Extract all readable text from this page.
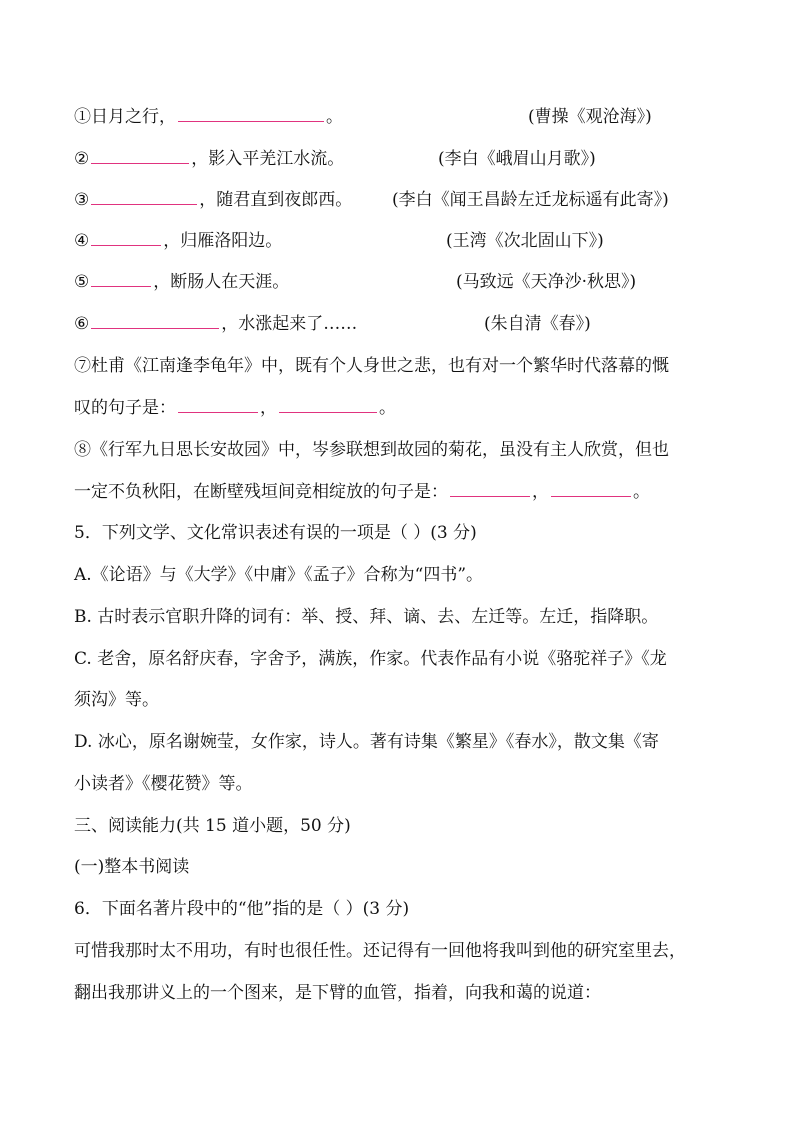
①日月之行，	。	(曹操《观沧海》)
②	，影入平羌江水流。	(李白《峨眉山月歌》)
③	，随君直到夜郎西。 (李白《闻王昌龄左迁龙标遥有此寄》)
④	，归雁洛阳边。	(王湾《次北固山下》)
⑤	，断肠人在天涯。	(马致远《天净沙·秋思》)
⑥	，水涨起来了……	(朱自清《春》)
⑦杜甫《江南逢李龟年》中，既有个人身世之悲，也有对一个繁华时代落幕的慨
叹的句子是：	，	。
⑧《行军九日思长安故园》中，岑参联想到故园的菊花，虽没有主人欣赏，但也
一定不负秋阳，在断壁残垣间竞相绽放的句子是：	，	。
5．下列文学、文化常识表述有误的一项是（ ）(3 分)
A.《论语》与《大学》《中庸》《孟子》合称为“四书”。
B. 古时表示官职升降的词有：举、授、拜、谪、去、左迁等。左迁，指降职。
C. 老舍，原名舒庆春，字舍予，满族，作家。代表作品有小说《骆驼祥子》《龙
须沟》等。
D. 冰心，原名谢婉莹，女作家，诗人。著有诗集《繁星》《春水》，散文集《寄
小读者》《樱花赞》等。
三、阅读能力(共 15 道小题，50 分)
(一)整本书阅读
6．下面名著片段中的“他”指的是（ ）(3 分)
可惜我那时太不用功，有时也很任性。还记得有一回他将我叫到他的研究室里去，
翻出我那讲义上的一个图来，是下臂的血管，指着，向我和蔼的说道：
